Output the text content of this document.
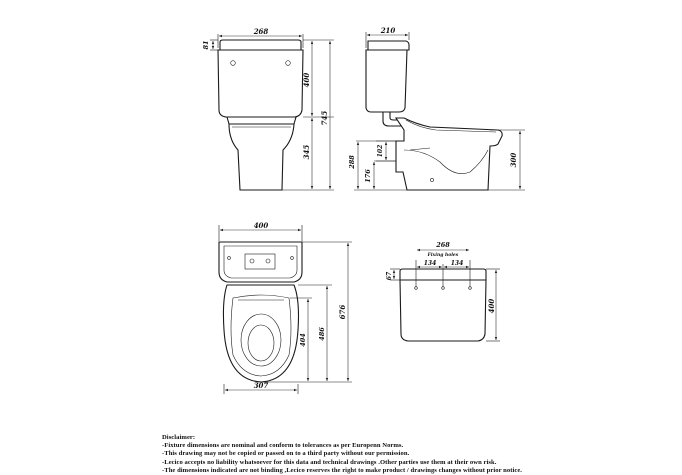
268
81
400
345
745
210
288
176
102
300
400
404 486
676
307
268
Fixing holes
134 134
67
400
Disclaimer:
-Fixture dimensions are nominal and conform to tolerances as per Europenn Norms.
-This drawing may not be copied or passed on to a third party without our permission.
-Lecico accepts no liability whatsoever for this data and technical drawings .Other parties use them at their own risk.
-The dimensions indicated are not binding ,Lecico reserves the right to make product / drawings changes without prior notice.
